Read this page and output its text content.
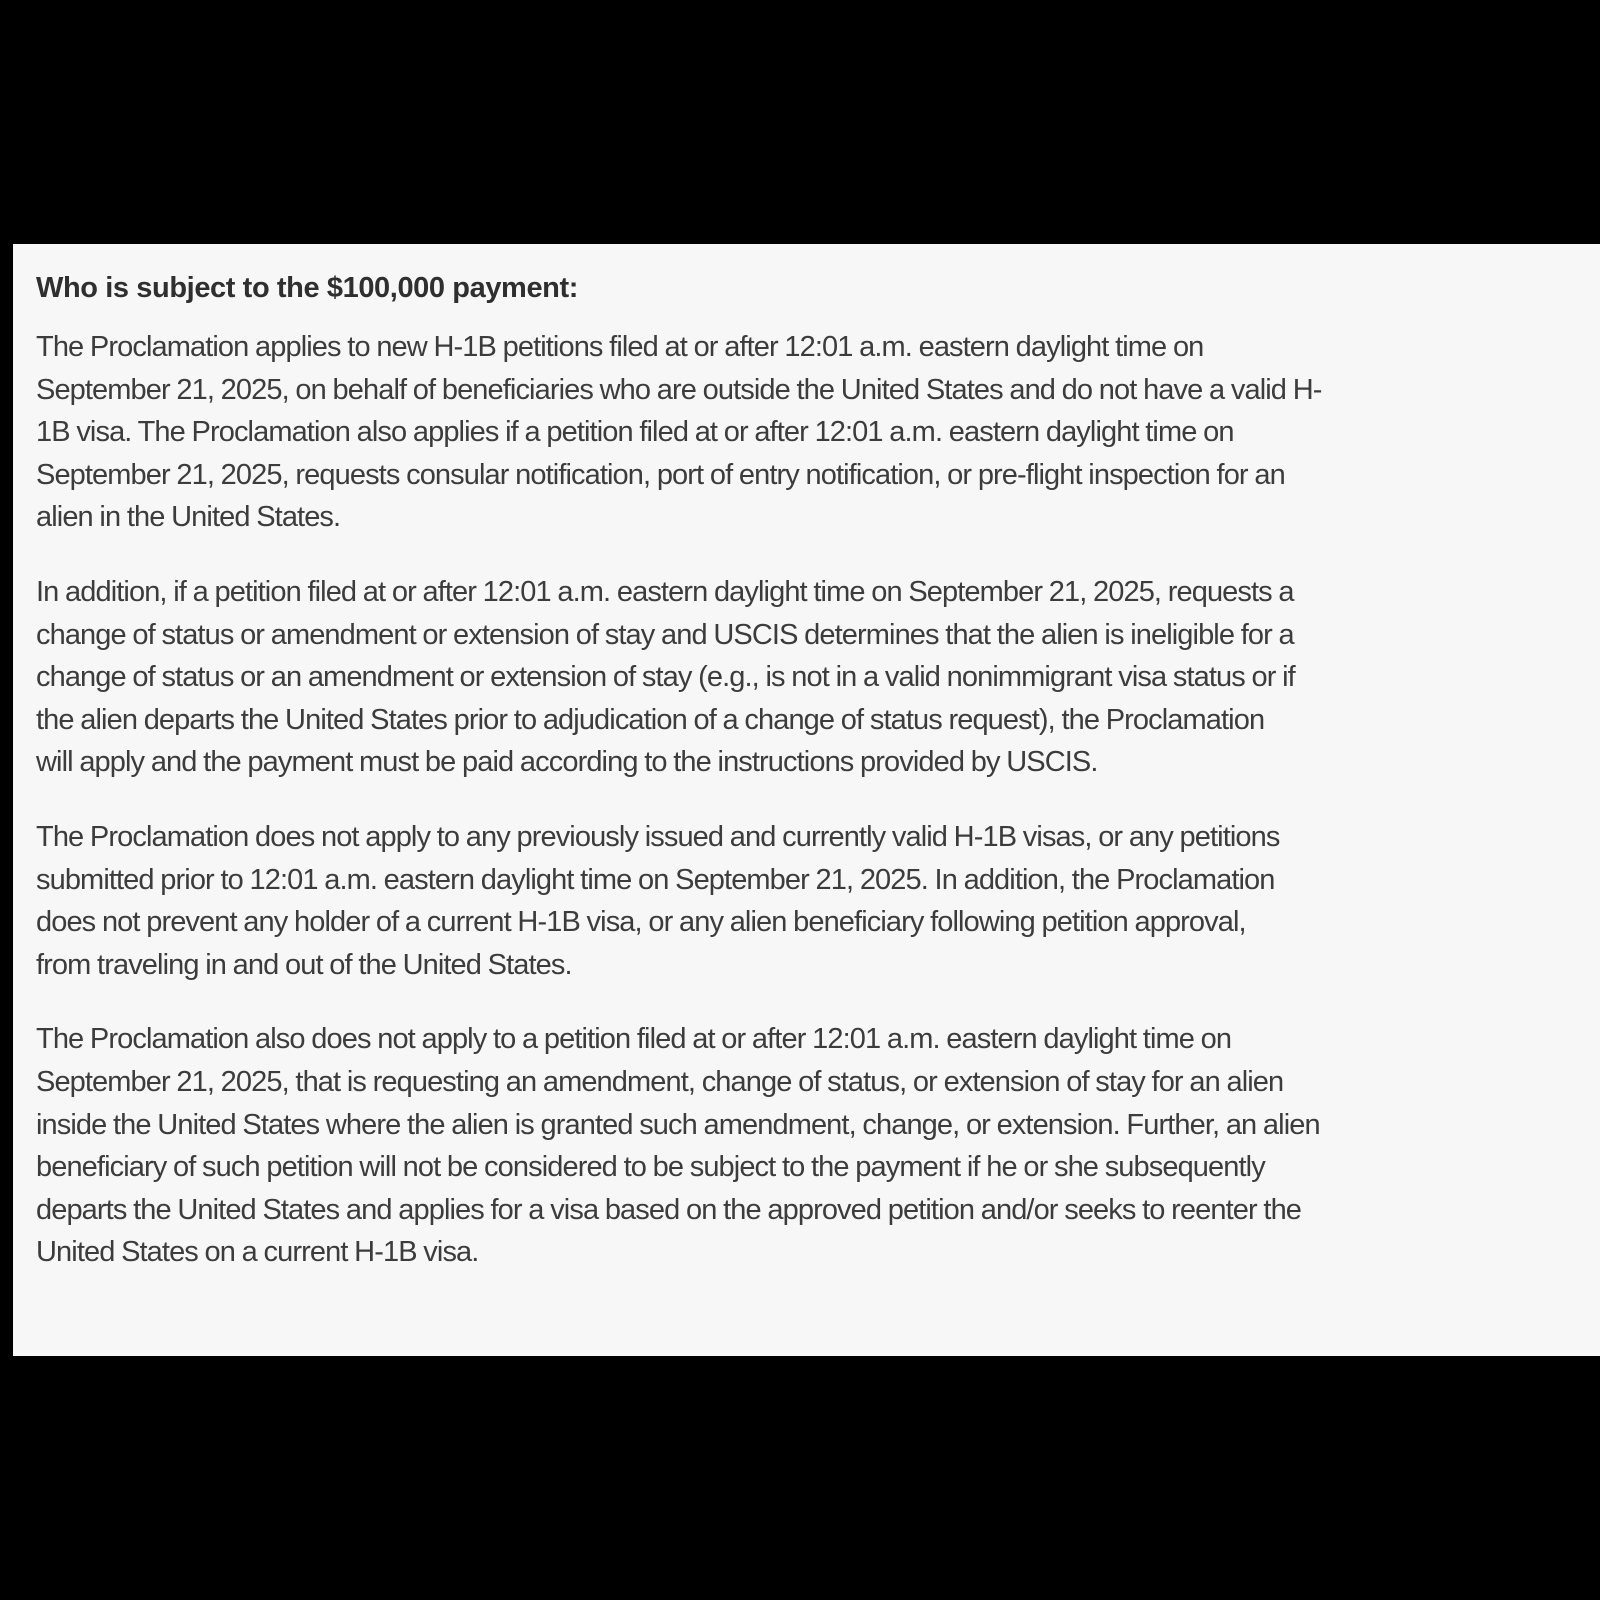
Who is subject to the $100,000 payment:

The Proclamation applies to new H-1B petitions filed at or after 12:01 a.m. eastern daylight time on
September 21, 2025, on behalf of beneficiaries who are outside the United States and do not have a valid H-
1B visa. The Proclamation also applies if a petition filed at or after 12:01 a.m. eastern daylight time on
September 21, 2025, requests consular notification, port of entry notification, or pre-flight inspection for an
alien in the United States.

In addition, if a petition filed at or after 12:01 a.m. eastern daylight time on September 21, 2025, requests a
change of status or amendment or extension of stay and USCIS determines that the alien is ineligible for a
change of status or an amendment or extension of stay (e.g., is not in a valid nonimmigrant visa status or if
the alien departs the United States prior to adjudication of a change of status request), the Proclamation
will apply and the payment must be paid according to the instructions provided by USCIS.

The Proclamation does not apply to any previously issued and currently valid H-1B visas, or any petitions
submitted prior to 12:01 a.m. eastern daylight time on September 21, 2025. In addition, the Proclamation
does not prevent any holder of a current H-1B visa, or any alien beneficiary following petition approval,
from traveling in and out of the United States.

The Proclamation also does not apply to a petition filed at or after 12:01 a.m. eastern daylight time on
September 21, 2025, that is requesting an amendment, change of status, or extension of stay for an alien
inside the United States where the alien is granted such amendment, change, or extension. Further, an alien
beneficiary of such petition will not be considered to be subject to the payment if he or she subsequently
departs the United States and applies for a visa based on the approved petition and/or seeks to reenter the
United States on a current H-1B visa.
